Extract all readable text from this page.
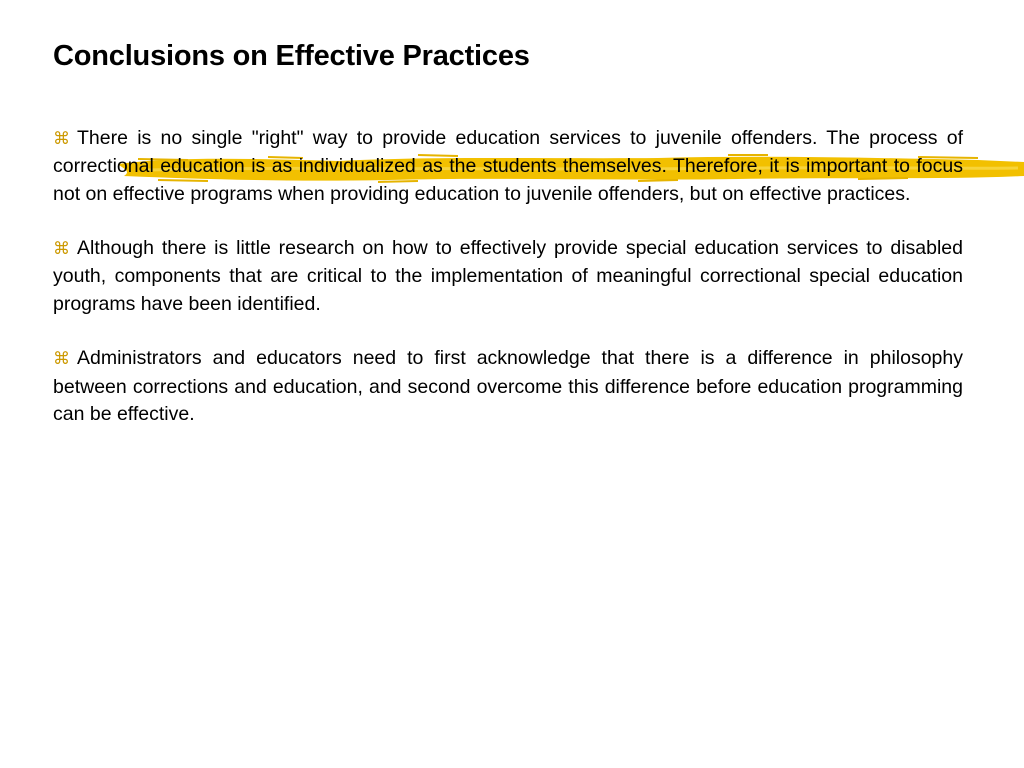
Conclusions on Effective Practices

⌘ There is no single "right" way to provide education services to juvenile offenders. The process of correctional education is as individualized as the students themselves. Therefore, it is important to focus not on effective programs when providing education to juvenile offenders, but on effective practices.

⌘ Although there is little research on how to effectively provide special education services to disabled youth, components that are critical to the implementation of meaningful correctional special education programs have been identified.

⌘ Administrators and educators need to first acknowledge that there is a difference in philosophy between corrections and education, and second overcome this difference before education programming can be effective.
